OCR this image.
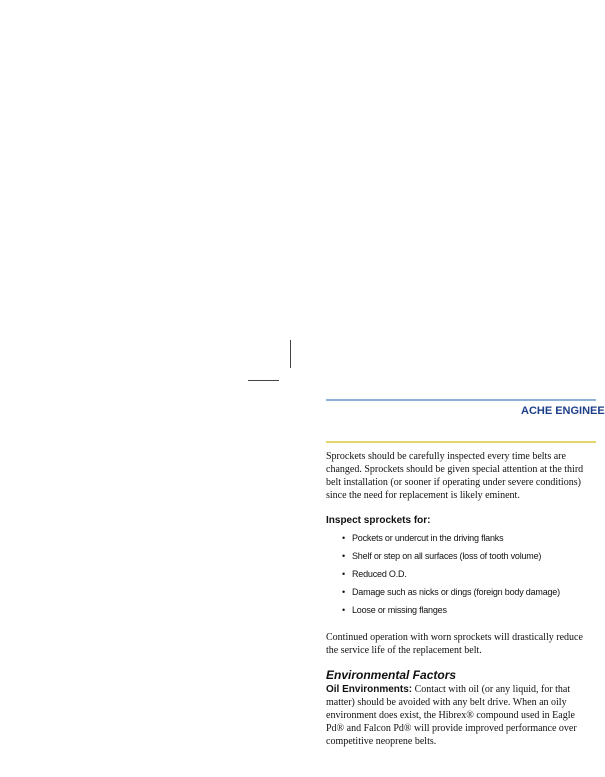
ACHE ENGINEE

Sprockets should be carefully inspected every time belts are changed. Sprockets should be given special attention at the third belt installation (or sooner if operating under severe conditions) since the need for replacement is likely eminent.

Inspect sprockets for:
• Pockets or undercut in the driving flanks
• Shelf or step on all surfaces (loss of tooth volume)
• Reduced O.D.
• Damage such as nicks or dings (foreign body damage)
• Loose or missing flanges

Continued operation with worn sprockets will drastically reduce the service life of the replacement belt.

Environmental Factors

Oil Environments: Contact with oil (or any liquid, for that matter) should be avoided with any belt drive. When an oily environment does exist, the Hibrex® compound used in Eagle Pd® and Falcon Pd® will provide improved performance over competitive neoprene belts.
